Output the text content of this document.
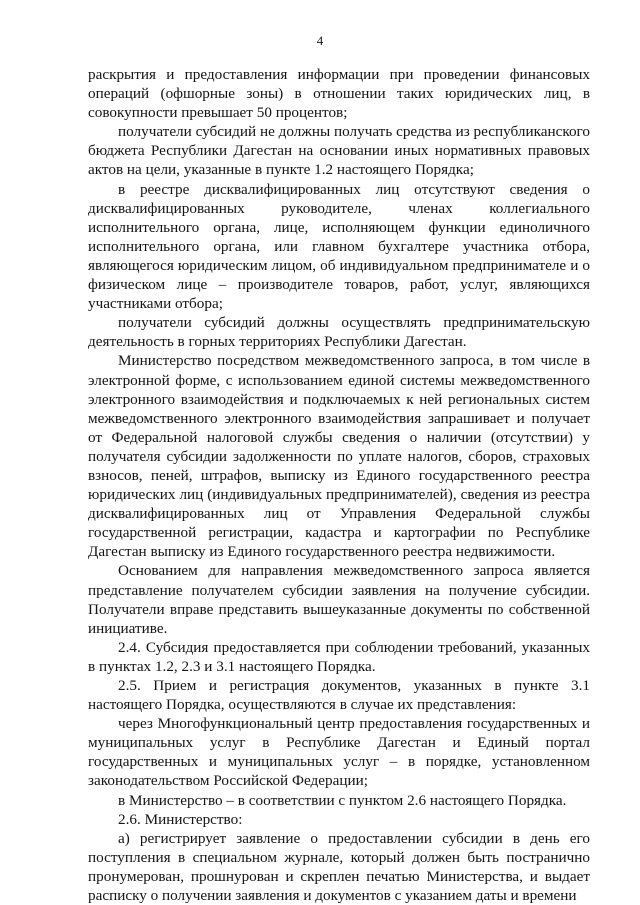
4

раскрытия и предоставления информации при проведении финансовых операций (офшорные зоны) в отношении таких юридических лиц, в совокупности превышает 50 процентов;

получатели субсидий не должны получать средства из республиканского бюджета Республики Дагестан на основании иных нормативных правовых актов на цели, указанные в пункте 1.2 настоящего Порядка;

в реестре дисквалифицированных лиц отсутствуют сведения о дисквалифицированных руководителе, членах коллегиального исполнительного органа, лице, исполняющем функции единоличного исполнительного органа, или главном бухгалтере участника отбора, являющегося юридическим лицом, об индивидуальном предпринимателе и о физическом лице – производителе товаров, работ, услуг, являющихся участниками отбора;

получатели субсидий должны осуществлять предпринимательскую деятельность в горных территориях Республики Дагестан.

Министерство посредством межведомственного запроса, в том числе в электронной форме, с использованием единой системы межведомственного электронного взаимодействия и подключаемых к ней региональных систем межведомственного электронного взаимодействия запрашивает и получает от Федеральной налоговой службы сведения о наличии (отсутствии) у получателя субсидии задолженности по уплате налогов, сборов, страховых взносов, пеней, штрафов, выписку из Единого государственного реестра юридических лиц (индивидуальных предпринимателей), сведения из реестра дисквалифицированных лиц от Управления Федеральной службы государственной регистрации, кадастра и картографии по Республике Дагестан выписку из Единого государственного реестра недвижимости.

Основанием для направления межведомственного запроса является представление получателем субсидии заявления на получение субсидии. Получатели вправе представить вышеуказанные документы по собственной инициативе.

2.4. Субсидия предоставляется при соблюдении требований, указанных в пунктах 1.2, 2.3 и 3.1 настоящего Порядка.

2.5. Прием и регистрация документов, указанных в пункте 3.1 настоящего Порядка, осуществляются в случае их представления:

через Многофункциональный центр предоставления государственных и муниципальных услуг в Республике Дагестан и Единый портал государственных и муниципальных услуг – в порядке, установленном законодательством Российской Федерации;

в Министерство – в соответствии с пунктом 2.6 настоящего Порядка.

2.6. Министерство:

а) регистрирует заявление о предоставлении субсидии в день его поступления в специальном журнале, который должен быть постранично пронумерован, прошнурован и скреплен печатью Министерства, и выдает расписку о получении заявления и документов с указанием даты и времени
